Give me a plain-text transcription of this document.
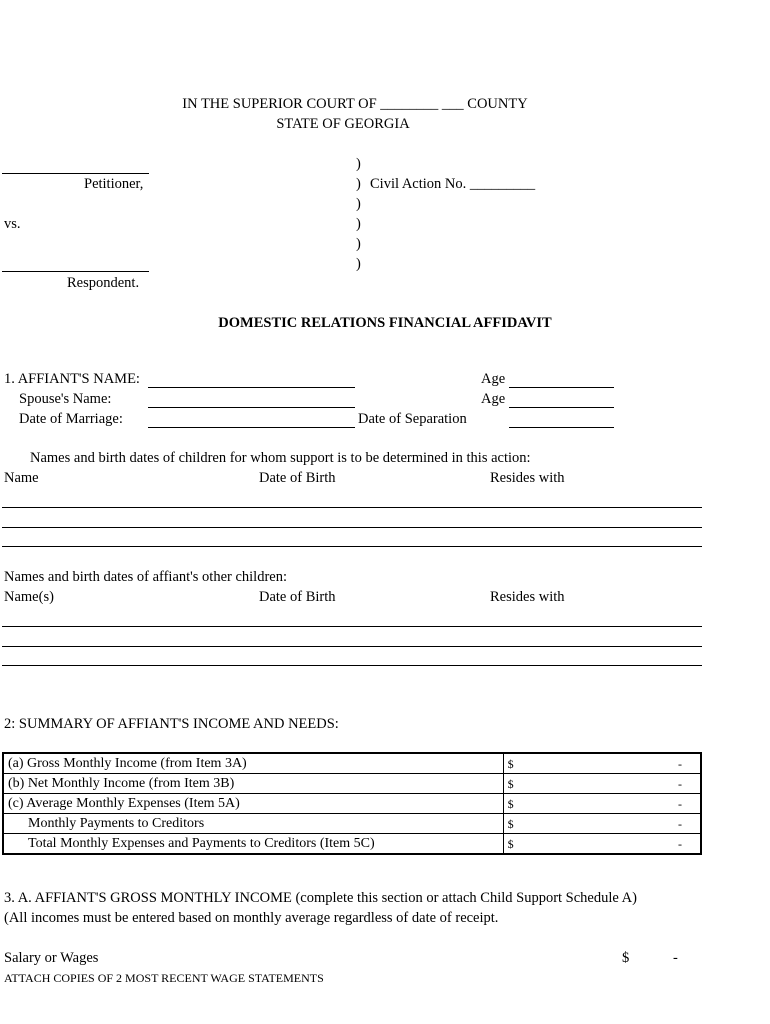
IN THE SUPERIOR COURT OF ________ ___ COUNTY
STATE OF GEORGIA
Petitioner,
vs.
Respondent.
)
) Civil Action No. _________
)
)
)
)
DOMESTIC RELATIONS FINANCIAL AFFIDAVIT
1. AFFIANT'S NAME:	Age
Spouse's Name:	Age
Date of Marriage:	Date of Separation
Names and birth dates of children for whom support is to be determined in this action:
Name	Date of Birth	Resides with
Names and birth dates of affiant's other children:
Name(s)	Date of Birth	Resides with
2: SUMMARY OF AFFIANT'S INCOME AND NEEDS:
(a) Gross Monthly Income (from Item 3A)	$	-
(b) Net Monthly Income (from Item 3B)	$	-
(c) Average Monthly Expenses (Item 5A)	$	-
Monthly Payments to Creditors	$	-
Total Monthly Expenses and Payments to Creditors (Item 5C)	$	-
3. A. AFFIANT'S GROSS MONTHLY INCOME (complete this section or attach Child Support Schedule A)
(All incomes must be entered based on monthly average regardless of date of receipt.
Salary or Wages	$	-
ATTACH COPIES OF 2 MOST RECENT WAGE STATEMENTS
